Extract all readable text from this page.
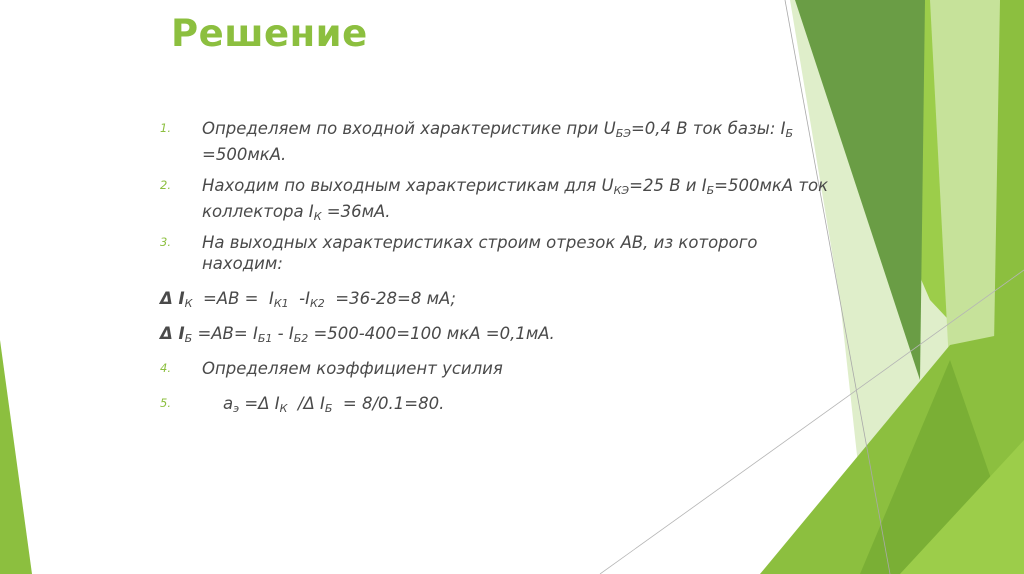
Решение
1. Определяем по входной характеристике при $U_{БЭ}=0,4$ В ток базы: $I_Б$
=500мкА.
2. Находим по выходным характеристикам для $U_{КЭ}=25$ В и $I_Б=500мкА$ ток коллектора $I_К =36мА$.
3. На выходных характеристиках строим отрезок АВ, из которого находим:
Δ $I_К =АВ = I_{К1}$  $-I_{К2} =36-28=8$ мА;
Δ $I_Б =АВ= I_{Б1} - I_{Б2} =500-400=100$ мкА =0,1мА.
4. Определяем коэффициент усилия
5. $a_э =\Delta$ $I_К$  /Δ $I_Б = 8/0.1=80$.
